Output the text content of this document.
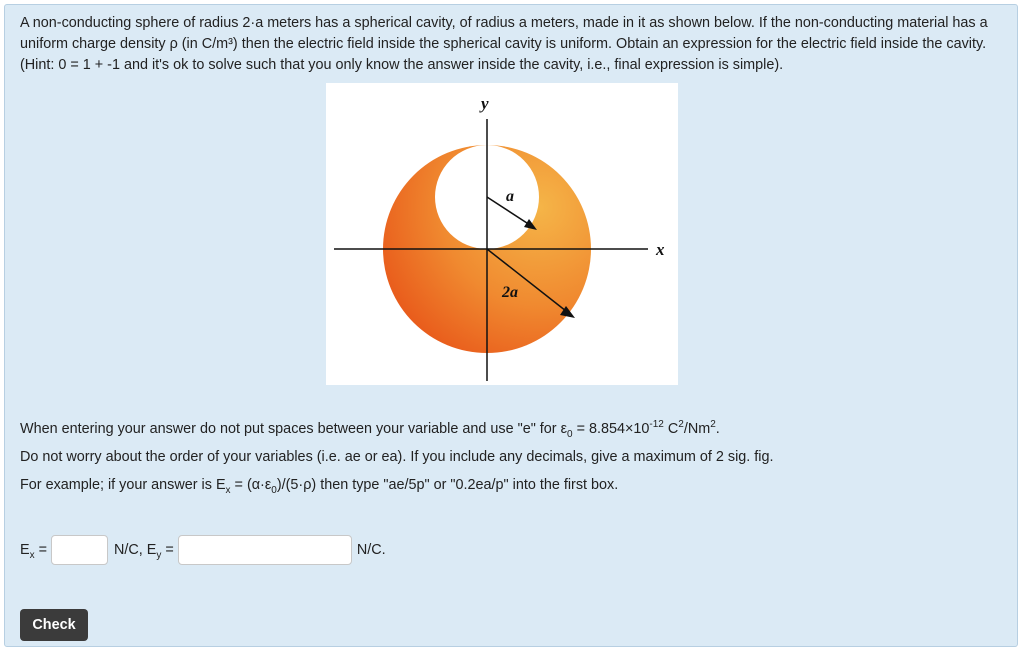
A non-conducting sphere of radius 2·a meters has a spherical cavity, of radius a meters, made in it as shown below. If the non-conducting material has a uniform charge density ρ (in C/m³) then the electric field inside the spherical cavity is uniform. Obtain an expression for the electric field inside the cavity. (Hint: 0 = 1 + -1 and it's ok to solve such that you only know the answer inside the cavity, i.e., final expression is simple).

y
x
a
2a

When entering your answer do not put spaces between your variable and use "e" for $\varepsilon_0 = 8.854\times 10^{-12}$ $C^2/Nm^2$.

Do not worry about the order of your variables (i.e. ae or ea). If you include any decimals, give a maximum of 2 sig. fig.

For example; if your answer is $E_x = (\alpha\cdot\varepsilon_0)/(5\cdot\rho)$ then type "ae/5p" or "0.2ea/p" into the first box.

$E_x$ =	N/C, $E_y$ =	N/C.
Check
